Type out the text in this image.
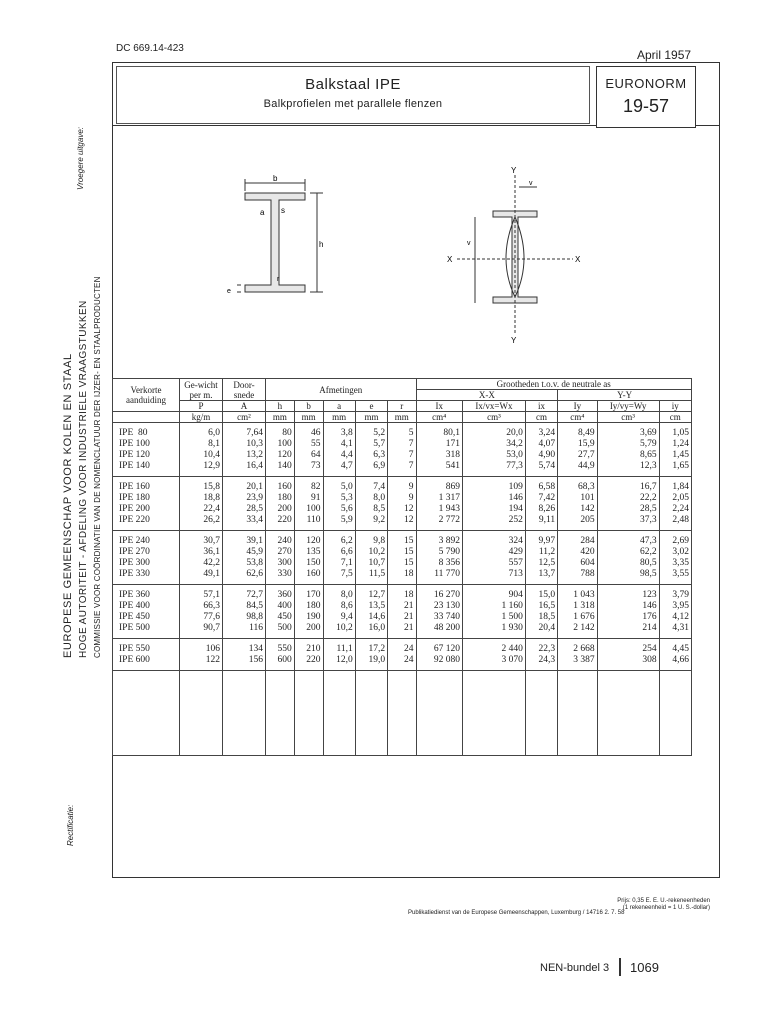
DC 669.14-423	April 1957
Balkstaal IPE
Balkprofielen met parallele flenzen
EURONORM
19-57
Vroegere uitgave:
Rectificatie:
EUROPESE GEMEENSCHAP VOOR KOLEN EN STAAL HOGE AUTORITEIT - AFDELING VOOR INDUSTRIELE VRAAGSTUKKEN COMMISSIE VOOR COÖRDINATIE VAN DE NOMENCLATUUR DER IJZER- EN STAALPRODUCTEN
b
s
a
h
r
e
Y
Y
X	X
v
v
Verkorte aanduiding	Ge-wicht per m.	Door-snede	Afmetingen					Grootheden t.o.v. de neutrale as					
								X-X			Y-Y		
	P	A	h	b	a	e	r	Ix	Ix/vx=Wx	ix	Iy	Iy/vy=Wy	iy
	kg/m	cm²	mm	mm	mm	mm	mm	cm⁴	cm³	cm	cm⁴	cm³	cm
IPE  80	6,0	7,64	80	46	3,8	5,2	5	80,1	20,0	3,24	8,49	3,69	1,05
IPE 100	8,1	10,3	100	55	4,1	5,7	7	171	34,2	4,07	15,9	5,79	1,24
IPE 120	10,4	13,2	120	64	4,4	6,3	7	318	53,0	4,90	27,7	8,65	1,45
IPE 140	12,9	16,4	140	73	4,7	6,9	7	541	77,3	5,74	44,9	12,3	1,65
IPE 160	15,8	20,1	160	82	5,0	7,4	9	869	109	6,58	68,3	16,7	1,84
IPE 180	18,8	23,9	180	91	5,3	8,0	9	1 317	146	7,42	101	22,2	2,05
IPE 200	22,4	28,5	200	100	5,6	8,5	12	1 943	194	8,26	142	28,5	2,24
IPE 220	26,2	33,4	220	110	5,9	9,2	12	2 772	252	9,11	205	37,3	2,48
IPE 240	30,7	39,1	240	120	6,2	9,8	15	3 892	324	9,97	284	47,3	2,69
IPE 270	36,1	45,9	270	135	6,6	10,2	15	5 790	429	11,2	420	62,2	3,02
IPE 300	42,2	53,8	300	150	7,1	10,7	15	8 356	557	12,5	604	80,5	3,35
IPE 330	49,1	62,6	330	160	7,5	11,5	18	11 770	713	13,7	788	98,5	3,55
IPE 360	57,1	72,7	360	170	8,0	12,7	18	16 270	904	15,0	1 043	123	3,79
IPE 400	66,3	84,5	400	180	8,6	13,5	21	23 130	1 160	16,5	1 318	146	3,95
IPE 450	77,6	98,8	450	190	9,4	14,6	21	33 740	1 500	18,5	1 676	176	4,12
IPE 500	90,7	116	500	200	10,2	16,0	21	48 200	1 930	20,4	2 142	214	4,31
IPE 550	106	134	550	210	11,1	17,2	24	67 120	2 440	22,3	2 668	254	4,45
IPE 600	122	156	600	220	12,0	19,0	24	92 080	3 070	24,3	3 387	308	4,66

Prijs: 0,35 E. E. U.-rekeneenheden
(1 rekeneenheid = 1 U. S.-dollar)
Publikatiedienst van de Europese Gemeenschappen, Luxemburg / 14716 2. 7. 58
NEN-bundel 3 1069
